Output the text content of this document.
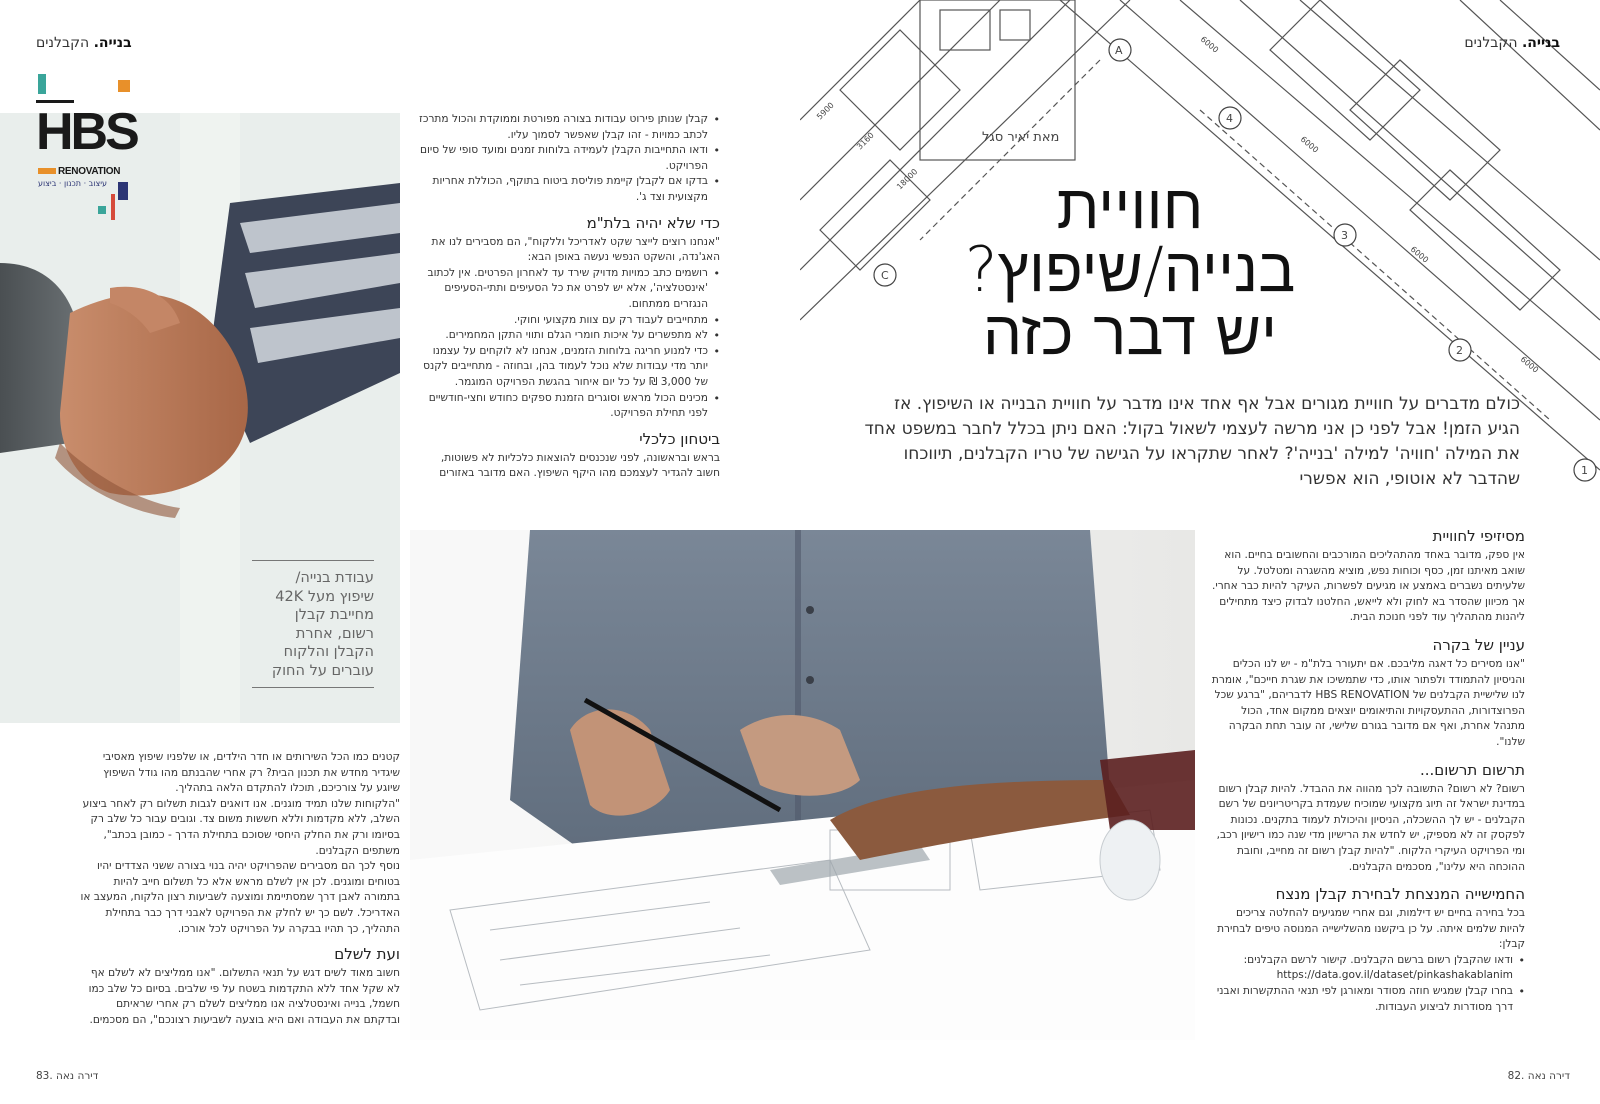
בנייה. הקבלנים
HBS
RENOVATION
עיצוב · תכנון · ביצוע
עבודת בנייה/
שיפוץ מעל 42K
מחייבת קבלן
רשום, אחרת
הקבלן והלקוח
עוברים על החוק
• קבלן שנותן פירוט עבודות בצורה מפורטת וממוקדת והכול מתרכז לכתב כמויות - זהו קבלן שאפשר לסמוך עליו.
• ודאו התחייבות הקבלן לעמידה בלוחות זמנים ומועד סופי של סיום הפרויקט.
• בדקו אם לקבלן קיימת פוליסת ביטוח בתוקף, הכוללת אחריות מקצועית וצד ג'.
כדי שלא יהיה בלת"מ
"אנחנו רוצים לייצר שקט לאדריכל וללקוח", הם מסבירים לנו את האג'נדה, והשקט הנפשי נעשה באופן הבא:
• רושמים כתב כמויות מדויק שירד עד לאחרון הפרטים. אין לכתוב 'אינסטלציה', אלא יש לפרט את כל הסעיפים ותתי-הסעיפים הנגזרים ממתחום.
• מתחייבים לעבוד רק עם צוות מקצועי וחוקי.
• לא מתפשרים על איכות חומרי הגלם ותווי התקן המחמירים.
• כדי למנוע חריגה בלוחות הזמנים, אנחנו לא לוקחים על עצמנו יותר מדי עבודות שלא נוכל לעמוד בהן, ובחוזה - מתחייבים לקנס של 3,000 ₪ על כל יום איחור בהגשת הפרויקט המוגמר.
• מכינים הכול מראש וסוגרים הזמנת ספקים כחודש וחצי-חודשיים לפני תחילת הפרויקט.
ביטחון כלכלי
בראש ובראשונה, לפני שנכנסים להוצאות כלכליות לא פשוטות, חשוב להגדיר לעצמכם מהו היקף השיפוץ. האם מדובר באזורים

קטנים כמו הכל השירותים או חדר הילדים, או שלפניו שיפוץ מאסיבי שיגדיר מחדש את תכנון הבית? רק אחרי שהבנתם מהו גודל השיפוץ שיוגע על צורכיכם, תוכלו להתקדם הלאה בתהליך.

"הלקוחות שלנו תמיד מוגנים. אנו דואגים לגבות תשלום רק לאחר ביצוע השלב, ללא מקדמות וללא חששות משום צד. וגובים עבור כל שלב רק בסיומו ורק את החלק היחסי שסוכם בתחילת הדרך - כמובן בכתב", משתפים הקבלנים.

נוסף לכך הם מסבירים שהפרויקט יהיה בנוי בצורה ששני הצדדים יהיו בטוחים ומוגנים. לכן אין לשלם מראש אלא כל תשלום חייב להיות בתמורה לאבן דרך שמסתיימת ומוצעה לשביעות רצון הלקוח, המעצב או האדריכל. לשם כך יש לחלק את הפרויקט לאבני דרך כבר בתחילת התהליך, כך תהיו בבקרה על הפרויקט לכל אורכו.

ועת לשלם

חשוב מאוד לשים דגש על תנאי התשלום. "אנו ממליצים לא לשלם אף לא שקל אחד ללא התקדמות בשטח על פי שלבים. בסיום כל שלב כמו חשמל, בנייה ואינסטלציה אנו ממליצים לשלם רק אחרי שראיתם ובדקתם את העבודה ואם היא בוצעה לשביעות רצונכם", הם מסכמים.

83. דירה נאה
A
4
3
C
2
1
6000
6000
6000
6000
18000
3160
5900
מאת יאיר סגל
בנייה. הקבלנים
חוויית
בנייה/שיפוץ?
יש דבר כזה
כולם מדברים על חוויית מגורים אבל אף אחד אינו מדבר על חוויית הבנייה או השיפוץ. אז הגיע הזמן! אבל לפני כן אני מרשה לעצמי לשאול בקול: האם ניתן בכלל לחבר במשפט אחד את המילה 'חוויה' למילה 'בנייה'? לאחר שתקראו על הגישה של טריו הקבלנים, תיווכחו שהדבר לא אוטופי, הוא אפשרי
מסיזיפי לחוויית

אין ספק, מדובר באחד מהתהליכים המורכבים והחשובים בחיים. הוא שואב מאיתנו זמן, כסף וכוחות נפש, מוציא מהשגרה ומטלטל. על שלעיתים נשברים באמצע או מגיעים לפשרות, העיקר להיות כבר אחרי. אך מכיוון שהסדר בא לחוק ולא לייאש, החלטנו לבדוק כיצד מתחילים ליהנות מהתהליך עוד לפני חנוכת הבית.

עניין של בקרה

"אנו מסירים כל דאגה מליבכם. אם יתעורר בלת"מ - יש לנו הכלים והניסיון להתמודד ולפתור אותו, כדי שתמשיכו את שגרת חייכם", אומרת לנו שלישיית הקבלנים של HBS RENOVATION לדבריהם, "ברגע שכל הפרוצדורות, ההתעסקויות והתיאומים יוצאים ממקום אחד, הכול מתנהל אחרת, ואף אם מדובר בגורם שלישי, זה עובר תחת הבקרה שלנו".

תרשום תרשום...

רשום? לא רשום? התשובה לכך מהווה את ההבדל. להיות קבלן רשום במדינת ישראל זה תיוג מקצועי שמוכיח שעמדת בקריטריונים של רשם הקבלנים - יש לך ההשכלה, הניסיון והיכולת לעמוד בתקנים. נכונות לפקסק זה לא מספיק, יש לחדש את הרישיון מדי שנה כמו רישיון רכב, ומי הפרויקט העיקרי הלקוח. "להיות קבלן רשום זה מחייב, וחובת ההוכחה היא עלינו", מסכמים הקבלנים.

החמישייה המנצחת לבחירת קבלן מנצח

בכל בחירה בחיים יש דילמות, וגם אחרי שמגיעים להחלטה צריכים להיות שלמים איתה. על כן ביקשנו מהשלישייה המנוסה טיפים לבחירת קבלן:

• ודאו שהקבלן רשום ברשם הקבלנים. קישור לרשם הקבלנים: https://data.gov.il/dataset/pinkashakablanim
• בחרו קבלן שמגיש חוזה מסודר ומאורגן לפי תנאי ההתקשרות ואבני דרך מסודרות לביצוע העבודות.
82. דירה נאה
